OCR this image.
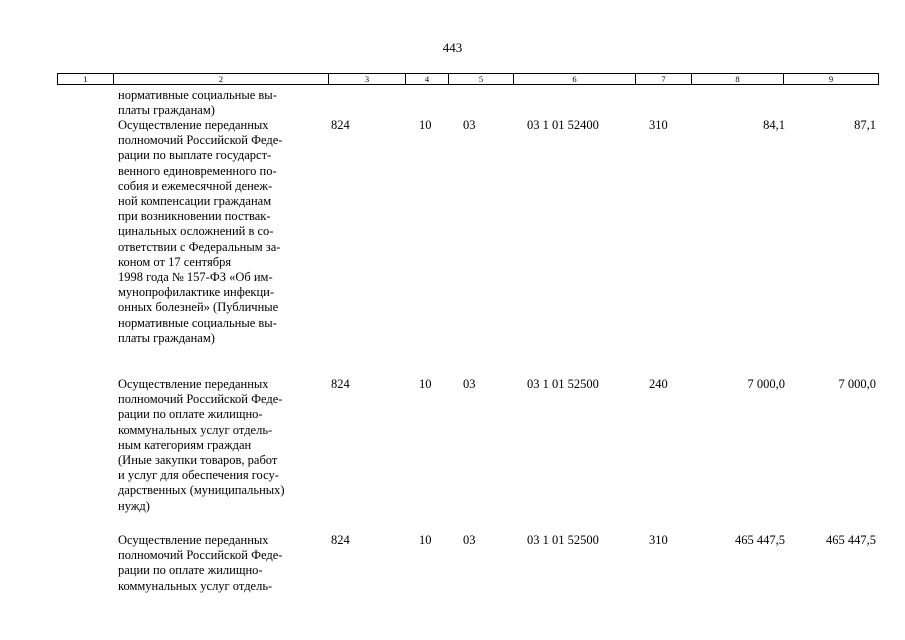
443
1	2	3	4	5	6	7	8	9
нормативные социальные вы-
платы гражданам)
Осуществление переданных
полномочий Российской Феде-
рации по выплате государст-
венного единовременного по-
собия и ежемесячной денеж-
ной компенсации гражданам
при возникновении поствак-
цинальных осложнений в со-
ответствии с Федеральным за-
коном от 17 сентября
1998 года № 157-ФЗ «Об им-
мунопрофилактике инфекци-
онных болезней» (Публичные
нормативные социальные вы-
платы гражданам)
824	10	03	03 1 01 52400	310	84,1	87,1
Осуществление переданных
полномочий Российской Феде-
рации по оплате жилищно-
коммунальных услуг отдель-
ным категориям граждан
(Иные закупки товаров, работ
и услуг для обеспечения госу-
дарственных (муниципальных)
нужд)
824	10	03	03 1 01 52500	240	7 000,0	7 000,0
Осуществление переданных
полномочий Российской Феде-
рации по оплате жилищно-
коммунальных услуг отдель-
824	10	03	03 1 01 52500	310	465 447,5	465 447,5
